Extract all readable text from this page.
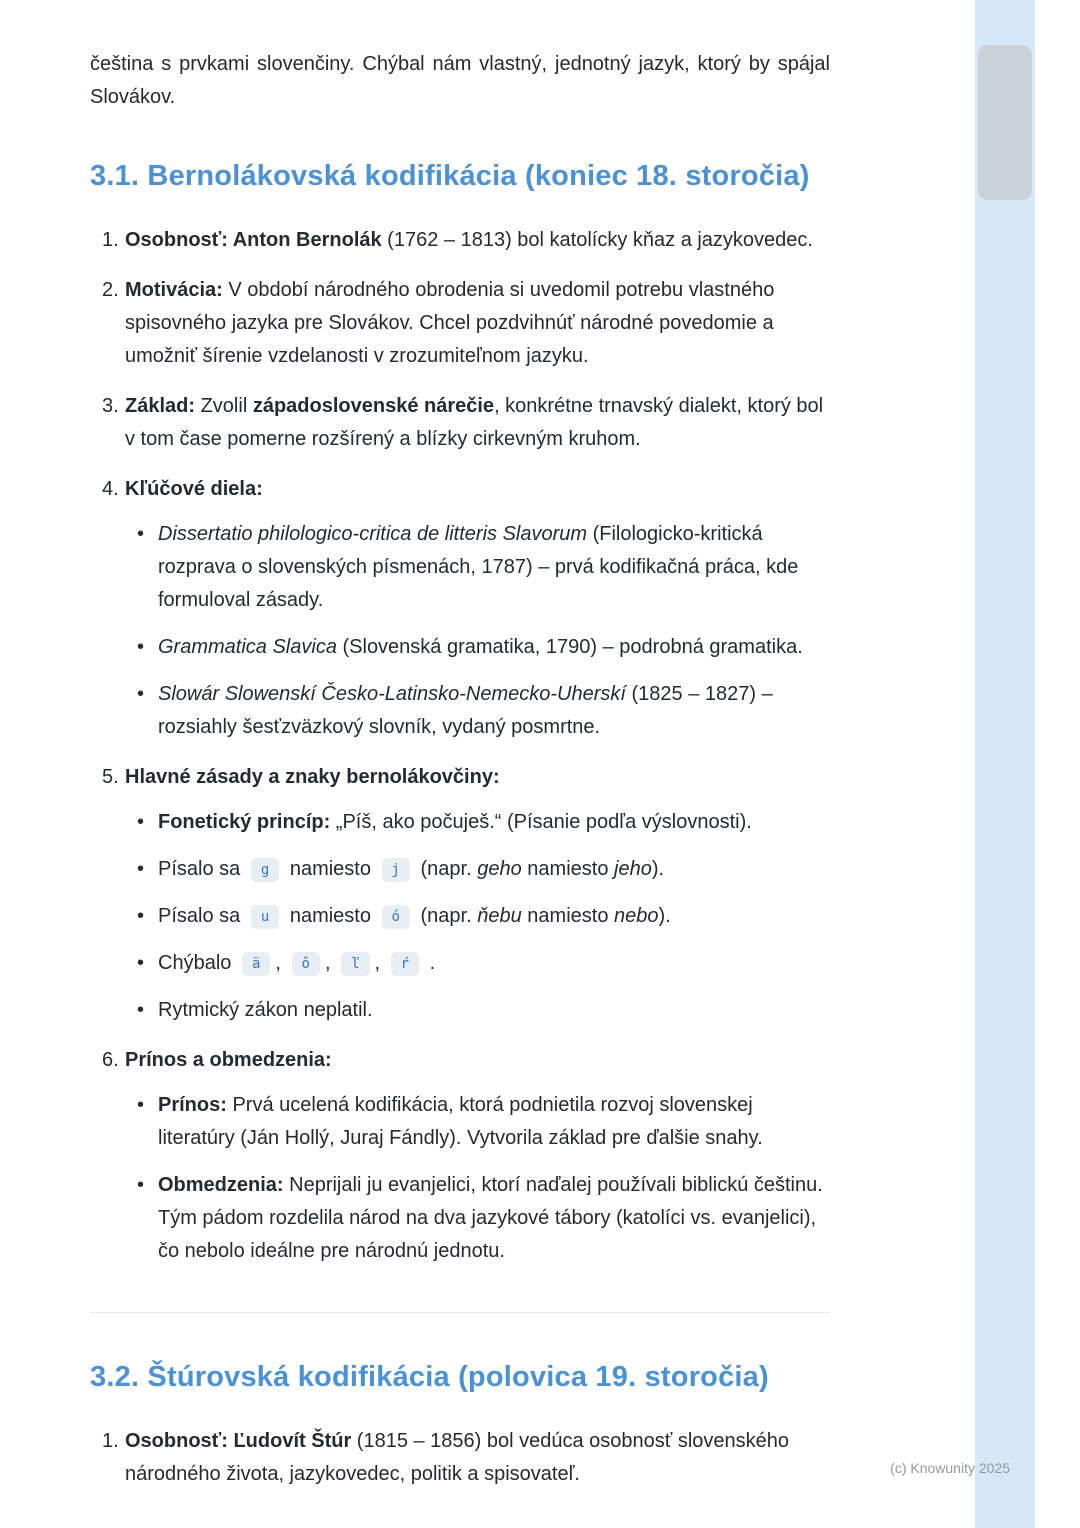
čeština s prvkami slovenčiny. Chýbal nám vlastný, jednotný jazyk, ktorý by spájal Slovákov.

3.1. Bernolákovská kodifikácia (koniec 18. storočia)
1. Osobnosť: Anton Bernolák (1762 – 1813) bol katolícky kňaz a jazykovedec.
2. Motivácia: V období národného obrodenia si uvedomil potrebu vlastného spisovného jazyka pre Slovákov. Chcel pozdvihnúť národné povedomie a umožniť šírenie vzdelanosti v zrozumiteľnom jazyku.
3. Základ: Zvolil západoslovenské nárečie, konkrétne trnavský dialekt, ktorý bol v tom čase pomerne rozšírený a blízky cirkevným kruhom.
4. Kľúčové diela:
• Dissertatio philologico-critica de litteris Slavorum (Filologicko-kritická rozprava o slovenských písmenách, 1787) – prvá kodifikačná práca, kde formuloval zásady.
• Grammatica Slavica (Slovenská gramatika, 1790) – podrobná gramatika.
• Slowár Slowenskí Česko-Latinsko-Nemecko-Uherskí (1825 – 1827) – rozsiahly šesťzväzkový slovník, vydaný posmrtne.
5. Hlavné zásady a znaky bernolákovčiny:
• Fonetický princíp: „Píš, ako počuješ.“ (Písanie podľa výslovnosti).
• Písalo sa g namiesto j (napr. geho namiesto jeho).
• Písalo sa u namiesto ó (napr. ňebu namiesto nebo).
• Chýbalo ä , ô , ľ , ŕ .
• Rytmický zákon neplatil.
6. Prínos a obmedzenia:
• Prínos: Prvá ucelená kodifikácia, ktorá podnietila rozvoj slovenskej literatúry (Ján Hollý, Juraj Fándly). Vytvorila základ pre ďalšie snahy.
• Obmedzenia: Neprijali ju evanjelici, ktorí naďalej používali biblickú češtinu. Tým pádom rozdelila národ na dva jazykové tábory (katolíci vs. evanjelici), čo nebolo ideálne pre národnú jednotu.
3.2. Štúrovská kodifikácia (polovica 19. storočia)
1. Osobnosť: Ľudovít Štúr (1815 – 1856) bol vedúca osobnosť slovenského národného života, jazykovedec, politik a spisovateľ.	(c) Knowunity 2025
